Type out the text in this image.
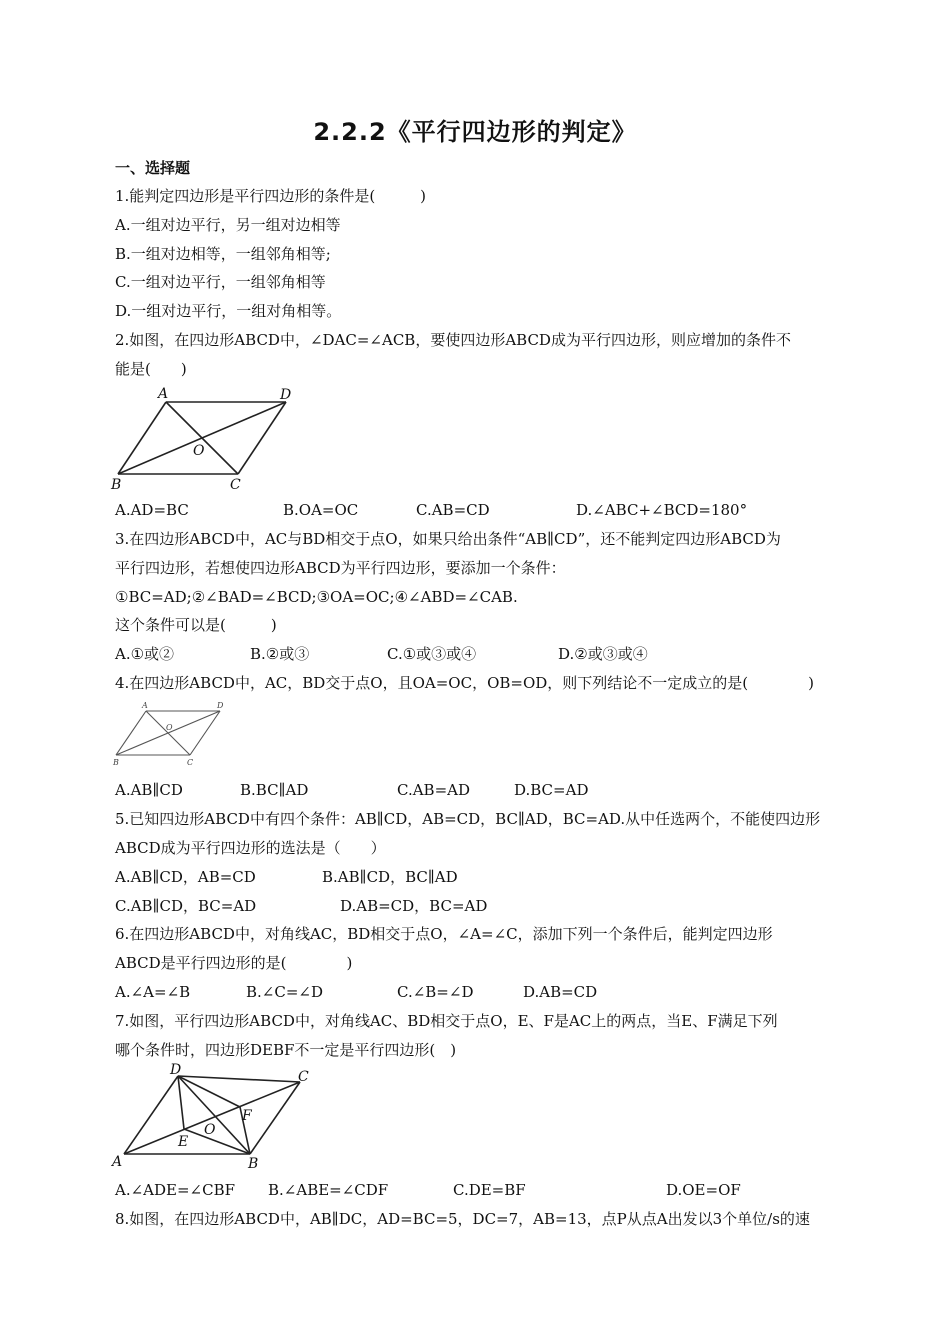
2.2.2《平行四边形的判定》
一、选择题
1.能判定四边形是平行四边形的条件是(　　　)
A.一组对边平行，另一组对边相等
B.一组对边相等，一组邻角相等;
C.一组对边平行，一组邻角相等
D.一组对边平行，一组对角相等。
2.如图，在四边形ABCD中，∠DAC=∠ACB，要使四边形ABCD成为平行四边形，则应增加的条件不
能是(　　)
A	D
B	C
O
A.AD=BC	B.OA=OC	C.AB=CD	D.∠ABC+∠BCD=180°
3.在四边形ABCD中，AC与BD相交于点O，如果只给出条件“AB∥CD”，还不能判定四边形ABCD为
平行四边形，若想使四边形ABCD为平行四边形，要添加一个条件：
①BC=AD;②∠BAD=∠BCD;③OA=OC;④∠ABD=∠CAB.
这个条件可以是(　　　)
A.①或②	B.②或③	C.①或③或④	D.②或③或④
4.在四边形ABCD中，AC，BD交于点O，且OA=OC，OB=OD，则下列结论不一定成立的是(　　　　)
A	D
B	C
O
A.AB∥CD	B.BC∥AD	C.AB=AD	D.BC=AD
5.已知四边形ABCD中有四个条件：AB∥CD，AB=CD，BC∥AD，BC=AD.从中任选两个，不能使四边形
ABCD成为平行四边形的选法是（　　）
A.AB∥CD，AB=CD	B.AB∥CD，BC∥AD
C.AB∥CD，BC=AD	D.AB=CD，BC=AD
6.在四边形ABCD中，对角线AC，BD相交于点O，∠A=∠C，添加下列一个条件后，能判定四边形
ABCD是平行四边形的是(　　　　)
A.∠A=∠B	B.∠C=∠D	C.∠B=∠D	D.AB=CD
7.如图，平行四边形ABCD中，对角线AC、BD相交于点O，E、F是AC上的两点，当E、F满足下列
哪个条件时，四边形DEBF不一定是平行四边形(　)
D	C
A	B
O
E
F
A.∠ADE=∠CBF B.∠ABE=∠CDF	C.DE=BF	D.OE=OF
8.如图，在四边形ABCD中，AB∥DC，AD=BC=5，DC=7，AB=13，点P从点A出发以3个单位/s的速
